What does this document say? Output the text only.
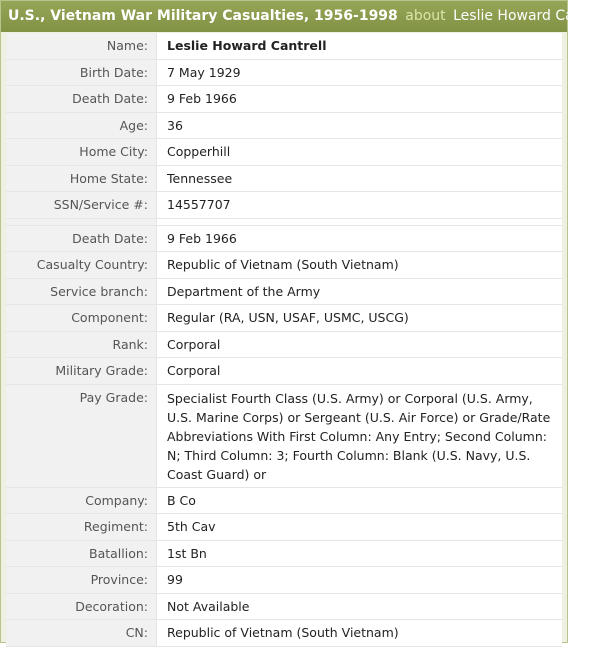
U.S., Vietnam War Military Casualties, 1956-1998 about Leslie Howard Cantrell
Name:	Leslie Howard Cantrell
Birth Date:	7 May 1929
Death Date:	9 Feb 1966
Age:	36
Home City:	Copperhill
Home State:	Tennessee
SSN/Service #:	14557707

Death Date:	9 Feb 1966
Casualty Country:	Republic of Vietnam (South Vietnam)
Service branch:	Department of the Army
Component:	Regular (RA, USN, USAF, USMC, USCG)
Rank:	Corporal
Military Grade:	Corporal
Pay Grade:	Specialist Fourth Class (U.S. Army) or Corporal (U.S. Army, U.S. Marine Corps) or Sergeant (U.S. Air Force) or Grade/Rate Abbreviations With First Column: Any Entry; Second Column: N; Third Column: 3; Fourth Column: Blank (U.S. Navy, U.S. Coast Guard) or
Company:	B Co
Regiment:	5th Cav
Batallion:	1st Bn
Province:	99
Decoration:	Not Available
CN:	Republic of Vietnam (South Vietnam)
